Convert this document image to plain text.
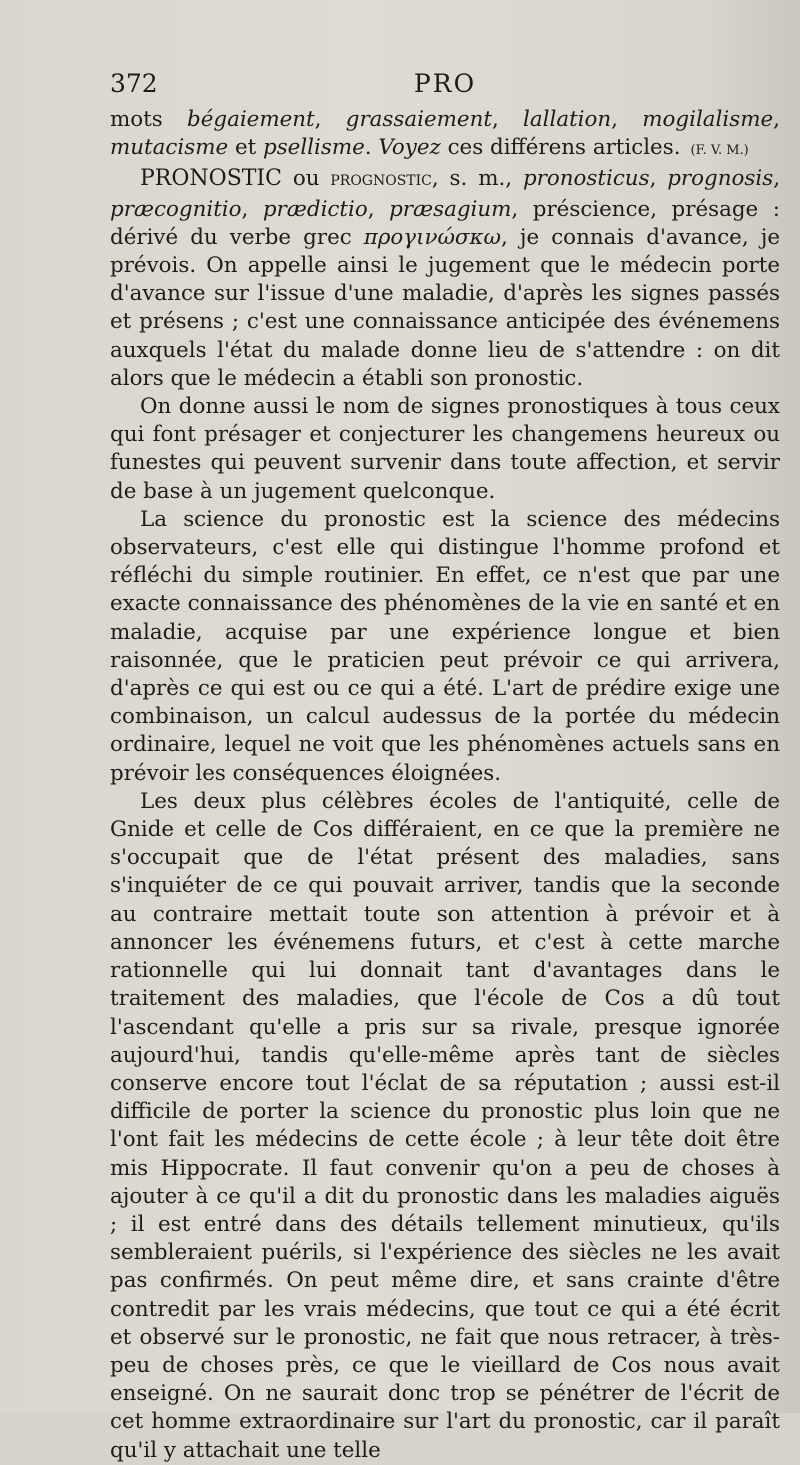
372	PRO

mots bégaiement, grassaiement, lallation, mogilalisme, mutacisme et psellisme. Voyez ces différens articles. (F. V. M.)

PRONOSTIC ou PROGNOSTIC, s. m., pronosticus, prognosis, præcognitio, prædictio, præsagium, préscience, présage : dérivé du verbe grec προγινώσκω, je connais d'avance, je prévois. On appelle ainsi le jugement que le médecin porte d'avance sur l'issue d'une maladie, d'après les signes passés et présens ; c'est une connaissance anticipée des événemens auxquels l'état du malade donne lieu de s'attendre : on dit alors que le médecin a établi son pronostic.

On donne aussi le nom de signes pronostiques à tous ceux qui font présager et conjecturer les changemens heureux ou funestes qui peuvent survenir dans toute affection, et servir de base à un jugement quelconque.

La science du pronostic est la science des médecins observateurs, c'est elle qui distingue l'homme profond et réfléchi du simple routinier. En effet, ce n'est que par une exacte connaissance des phénomènes de la vie en santé et en maladie, acquise par une expérience longue et bien raisonnée, que le praticien peut prévoir ce qui arrivera, d'après ce qui est ou ce qui a été. L'art de prédire exige une combinaison, un calcul audessus de la portée du médecin ordinaire, lequel ne voit que les phénomènes actuels sans en prévoir les conséquences éloignées.

Les deux plus célèbres écoles de l'antiquité, celle de Gnide et celle de Cos différaient, en ce que la première ne s'occupait que de l'état présent des maladies, sans s'inquiéter de ce qui pouvait arriver, tandis que la seconde au contraire mettait toute son attention à prévoir et à annoncer les événemens futurs, et c'est à cette marche rationnelle qui lui donnait tant d'avantages dans le traitement des maladies, que l'école de Cos a dû tout l'ascendant qu'elle a pris sur sa rivale, presque ignorée aujourd'hui, tandis qu'elle-même après tant de siècles conserve encore tout l'éclat de sa réputation ; aussi est-il difficile de porter la science du pronostic plus loin que ne l'ont fait les médecins de cette école ; à leur tête doit être mis Hippocrate. Il faut convenir qu'on a peu de choses à ajouter à ce qu'il a dit du pronostic dans les maladies aiguës ; il est entré dans des détails tellement minutieux, qu'ils sembleraient puérils, si l'expérience des siècles ne les avait pas confirmés. On peut même dire, et sans crainte d'être contredit par les vrais médecins, que tout ce qui a été écrit et observé sur le pronostic, ne fait que nous retracer, à très-peu de choses près, ce que le vieillard de Cos nous avait enseigné. On ne saurait donc trop se pénétrer de l'écrit de cet homme extraordinaire sur l'art du pronostic, car il paraît qu'il y attachait une telle
